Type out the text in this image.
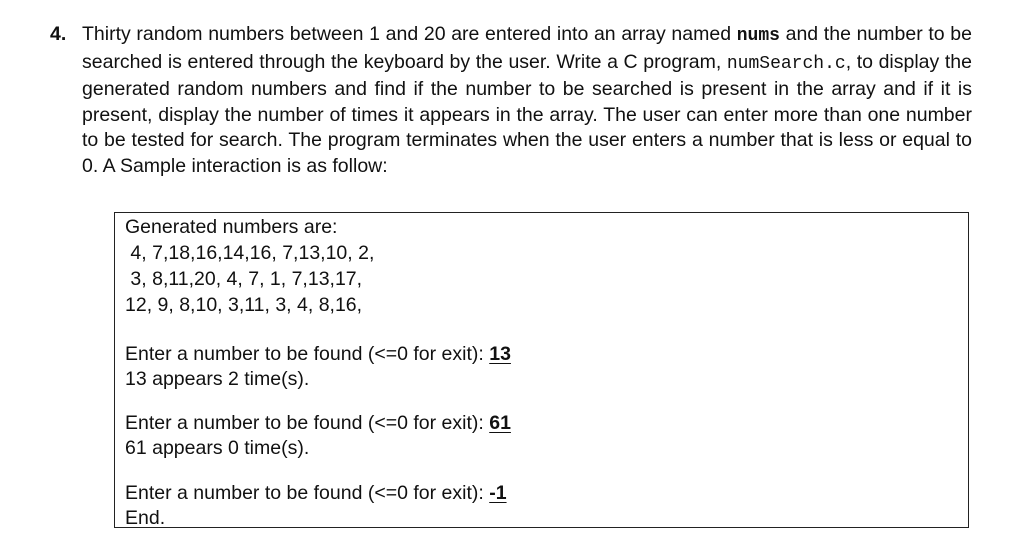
4. Thirty random numbers between 1 and 20 are entered into an array named nums and the number to be searched is entered through the keyboard by the user. Write a C program, numSearch.c, to display the generated random numbers and find if the number to be searched is present in the array and if it is present, display the number of times it appears in the array. The user can enter more than one number to be tested for search. The program terminates when the user enters a number that is less or equal to 0. A Sample interaction is as follow:
Generated numbers are:
4, 7,18,16,14,16, 7,13,10, 2,
3, 8,11,20, 4, 7, 1, 7,13,17,
12, 9, 8,10, 3,11, 3, 4, 8,16,
Enter a number to be found (<=0 for exit): 13
13 appears 2 time(s).
Enter a number to be found (<=0 for exit): 61
61 appears 0 time(s).
Enter a number to be found (<=0 for exit): -1
End.
